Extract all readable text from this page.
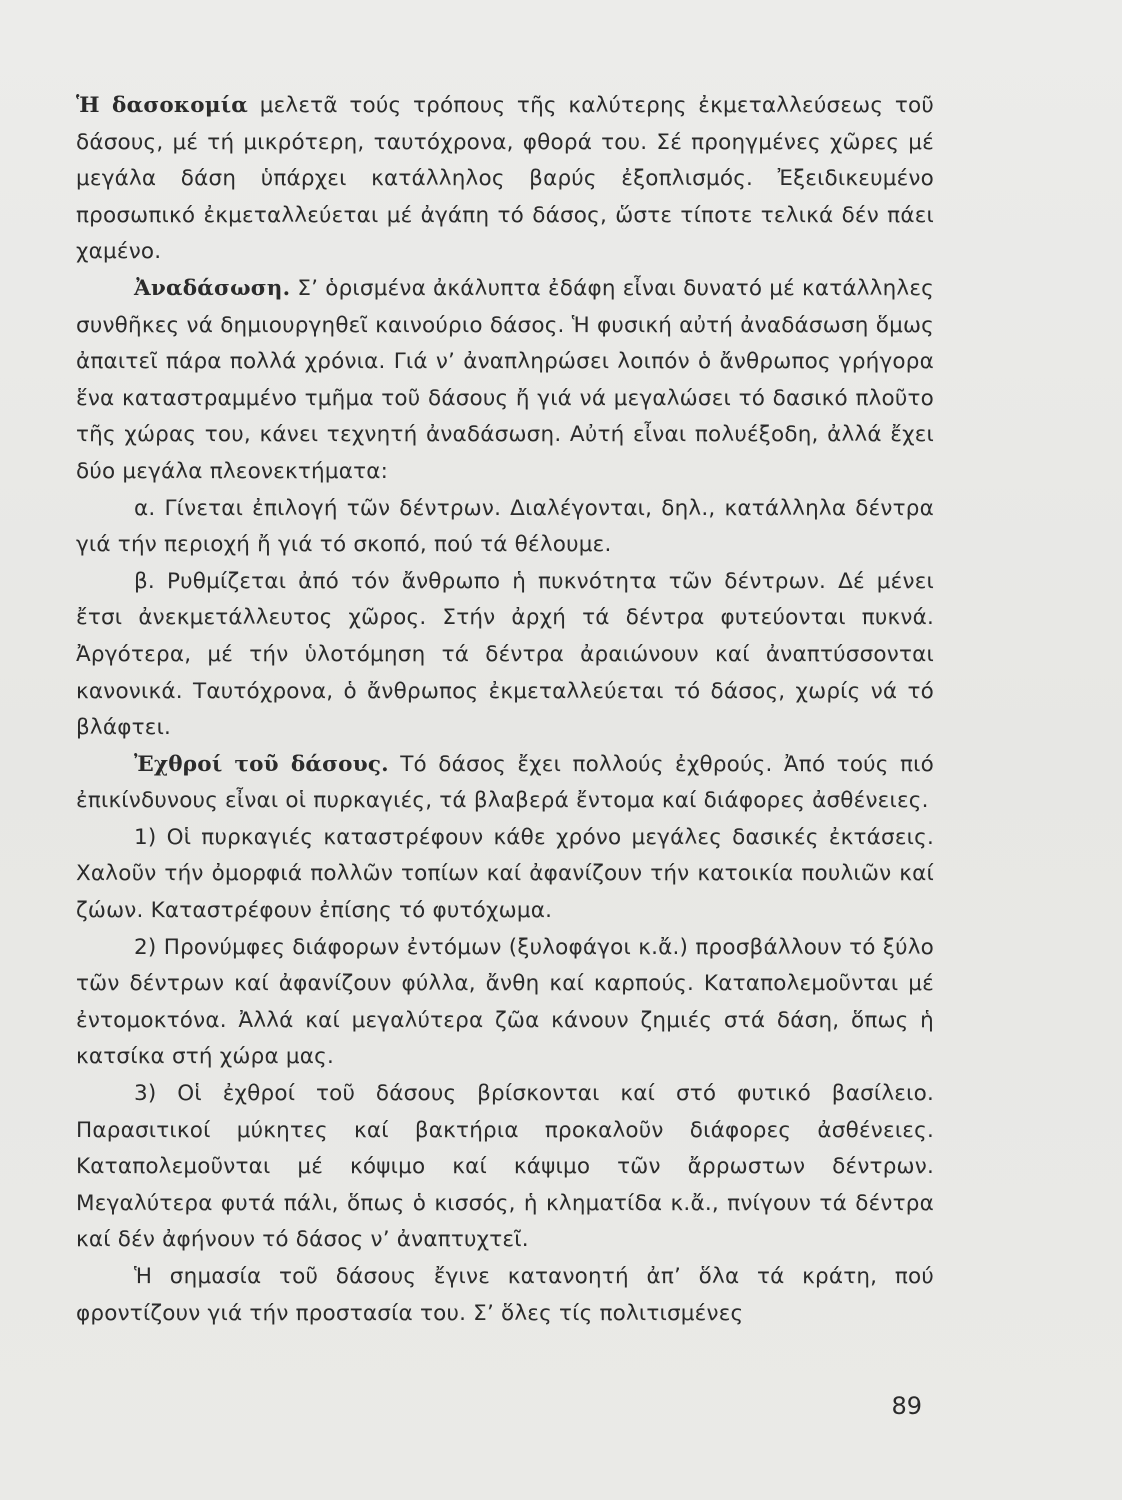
Ἡ δασοκομία μελετᾶ τούς τρόπους τῆς καλύτερης ἐκμεταλλεύσεως τοῦ δάσους, μέ τή μικρότερη, ταυτόχρονα, φθορά του. Σέ προηγμένες χῶρες μέ μεγάλα δάση ὑπάρχει κατάλληλος βαρύς ἐξοπλισμός. Ἐξειδικευμένο προσωπικό ἐκμεταλλεύεται μέ ἀγάπη τό δάσος, ὥστε τίποτε τελικά δέν πάει χαμένο.

Ἀναδάσωση. Σ’ ὁρισμένα ἀκάλυπτα ἐδάφη εἶναι δυνατό μέ κατάλληλες συνθῆκες νά δημιουργηθεῖ καινούριο δάσος. Ἡ φυσική αὐτή ἀναδάσωση ὅμως ἀπαιτεῖ πάρα πολλά χρόνια. Γιά ν’ ἀναπληρώσει λοιπόν ὁ ἄνθρωπος γρήγορα ἕνα καταστραμμένο τμῆμα τοῦ δάσους ἤ γιά νά μεγαλώσει τό δασικό πλοῦτο τῆς χώρας του, κάνει τεχνητή ἀναδάσωση. Αὐτή εἶναι πολυέξοδη, ἀλλά ἔχει δύο μεγάλα πλεονεκτήματα:

α. Γίνεται ἐπιλογή τῶν δέντρων. Διαλέγονται, δηλ., κατάλληλα δέντρα γιά τήν περιοχή ἤ γιά τό σκοπό, πού τά θέλουμε.

β. Ρυθμίζεται ἀπό τόν ἄνθρωπο ἡ πυκνότητα τῶν δέντρων. Δέ μένει ἔτσι ἀνεκμετάλλευτος χῶρος. Στήν ἀρχή τά δέντρα φυτεύονται πυκνά. Ἀργότερα, μέ τήν ὑλοτόμηση τά δέντρα ἀραιώνουν καί ἀναπτύσσονται κανονικά. Ταυτόχρονα, ὁ ἄνθρωπος ἐκμεταλλεύεται τό δάσος, χωρίς νά τό βλάφτει.

Ἐχθροί τοῦ δάσους. Τό δάσος ἔχει πολλούς ἐχθρούς. Ἀπό τούς πιό ἐπικίνδυνους εἶναι οἱ πυρκαγιές, τά βλαβερά ἔντομα καί διάφορες ἀσθένειες.

1) Οἱ πυρκαγιές καταστρέφουν κάθε χρόνο μεγάλες δασικές ἐκτάσεις. Χαλοῦν τήν ὀμορφιά πολλῶν τοπίων καί ἀφανίζουν τήν κατοικία πουλιῶν καί ζώων. Καταστρέφουν ἐπίσης τό φυτόχωμα.

2) Προνύμφες διάφορων ἐντόμων (ξυλοφάγοι κ.ἄ.) προσβάλλουν τό ξύλο τῶν δέντρων καί ἀφανίζουν φύλλα, ἄνθη καί καρπούς. Καταπολεμοῦνται μέ ἐντομοκτόνα. Ἀλλά καί μεγαλύτερα ζῶα κάνουν ζημιές στά δάση, ὅπως ἡ κατσίκα στή χώρα μας.

3) Οἱ ἐχθροί τοῦ δάσους βρίσκονται καί στό φυτικό βασίλειο. Παρασιτικοί μύκητες καί βακτήρια προκαλοῦν διάφορες ἀσθένειες. Καταπολεμοῦνται μέ κόψιμο καί κάψιμο τῶν ἄρρωστων δέντρων. Μεγαλύτερα φυτά πάλι, ὅπως ὁ κισσός, ἡ κληματίδα κ.ἄ., πνίγουν τά δέντρα καί δέν ἀφήνουν τό δάσος ν’ ἀναπτυχτεῖ.

Ἡ σημασία τοῦ δάσους ἔγινε κατανοητή ἀπ’ ὅλα τά κράτη, πού φροντίζουν γιά τήν προστασία του. Σ’ ὅλες τίς πολιτισμένες

89
